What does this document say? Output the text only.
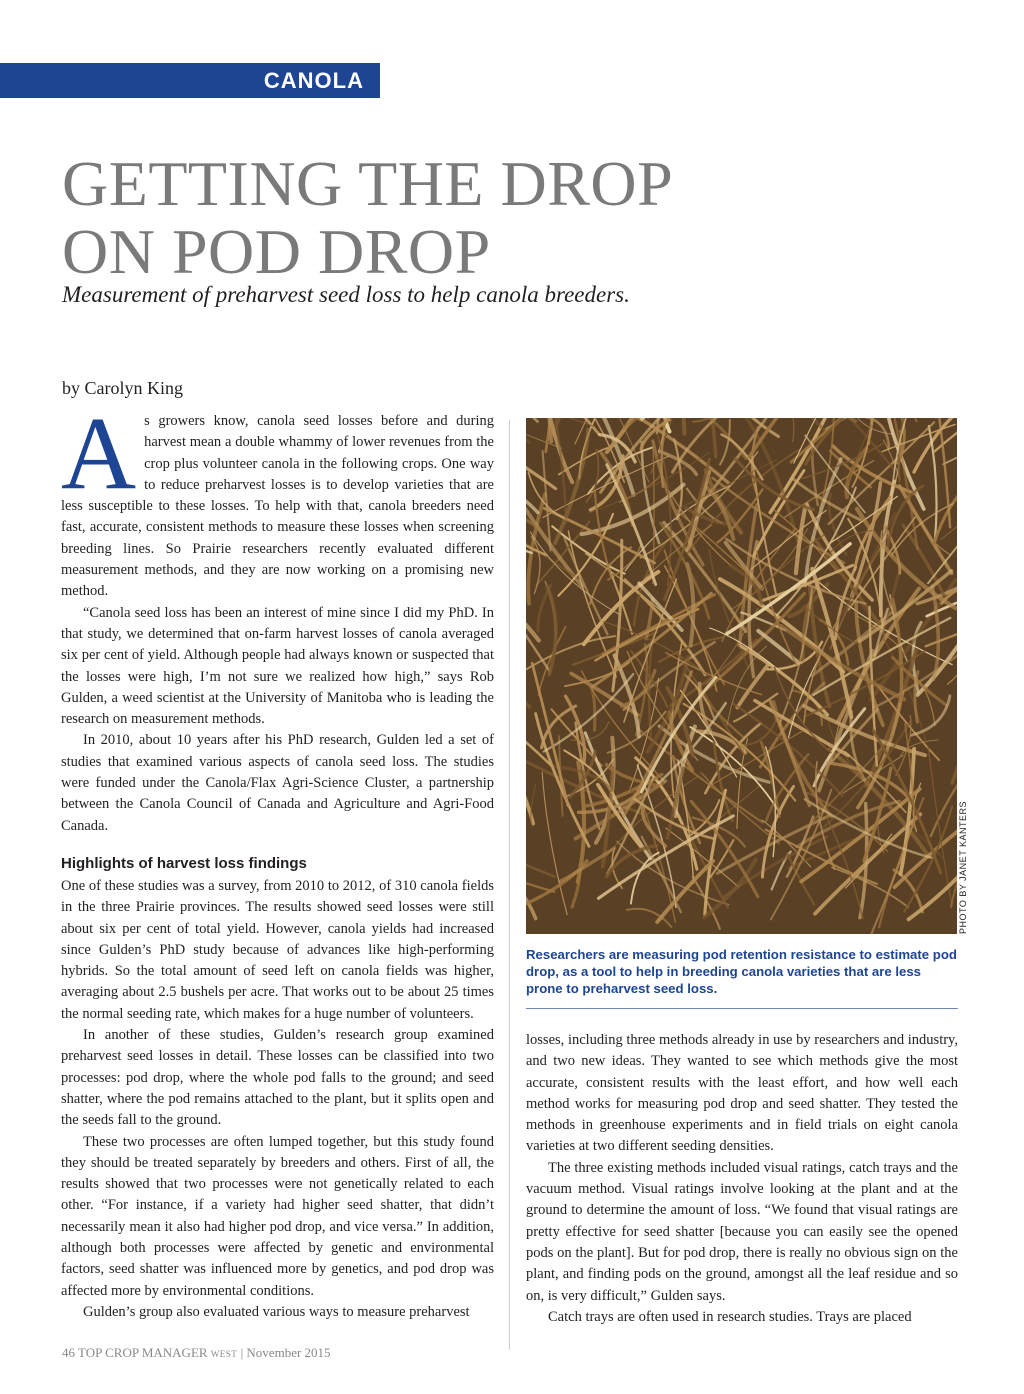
CANOLA
GETTING THE DROP
ON POD DROP
Measurement of preharvest seed loss to help canola breeders.
by Carolyn King

As growers know, canola seed losses before and during harvest mean a double whammy of lower revenues from the crop plus volunteer canola in the following crops. One way to reduce preharvest losses is to develop varieties that are less susceptible to these losses. To help with that, canola breeders need fast, accurate, consistent methods to measure these losses when screening breeding lines. So Prairie researchers recently evaluated different measurement methods, and they are now working on a promising new method.

“Canola seed loss has been an interest of mine since I did my PhD. In that study, we determined that on-farm harvest losses of canola averaged six per cent of yield. Although people had always known or suspected that the losses were high, I’m not sure we realized how high,” says Rob Gulden, a weed scientist at the University of Manitoba who is leading the research on measurement methods.

In 2010, about 10 years after his PhD research, Gulden led a set of studies that examined various aspects of canola seed loss. The studies were funded under the Canola/Flax Agri-Science Cluster, a partnership between the Canola Council of Canada and Agriculture and Agri-Food Canada.

Highlights of harvest loss findings

One of these studies was a survey, from 2010 to 2012, of 310 canola fields in the three Prairie provinces. The results showed seed losses were still about six per cent of total yield. However, canola yields had increased since Gulden’s PhD study because of advances like high-performing hybrids. So the total amount of seed left on canola fields was higher, averaging about 2.5 bushels per acre. That works out to be about 25 times the normal seeding rate, which makes for a huge number of volunteers.

In another of these studies, Gulden’s research group examined preharvest seed losses in detail. These losses can be classified into two processes: pod drop, where the whole pod falls to the ground; and seed shatter, where the pod remains attached to the plant, but it splits open and the seeds fall to the ground.

These two processes are often lumped together, but this study found they should be treated separately by breeders and others. First of all, the results showed that two processes were not genetically related to each other. “For instance, if a variety had higher seed shatter, that didn’t necessarily mean it also had higher pod drop, and vice versa.” In addition, although both processes were affected by genetic and environmental factors, seed shatter was influenced more by genetics, and pod drop was affected more by environmental conditions.

Gulden’s group also evaluated various ways to measure preharvest

PHOTO BY JANET KANTERS
Researchers are measuring pod retention resistance to estimate pod drop, as a tool to help in breeding canola varieties that are less prone to preharvest seed loss.

losses, including three methods already in use by researchers and industry, and two new ideas. They wanted to see which methods give the most accurate, consistent results with the least effort, and how well each method works for measuring pod drop and seed shatter. They tested the methods in greenhouse experiments and in field trials on eight canola varieties at two different seeding densities.

The three existing methods included visual ratings, catch trays and the vacuum method. Visual ratings involve looking at the plant and at the ground to determine the amount of loss. “We found that visual ratings are pretty effective for seed shatter [because you can easily see the opened pods on the plant]. But for pod drop, there is really no obvious sign on the plant, and finding pods on the ground, amongst all the leaf residue and so on, is very difficult,” Gulden says.

Catch trays are often used in research studies. Trays are placed

46 TOP CROP MANAGER WEST | November 2015
